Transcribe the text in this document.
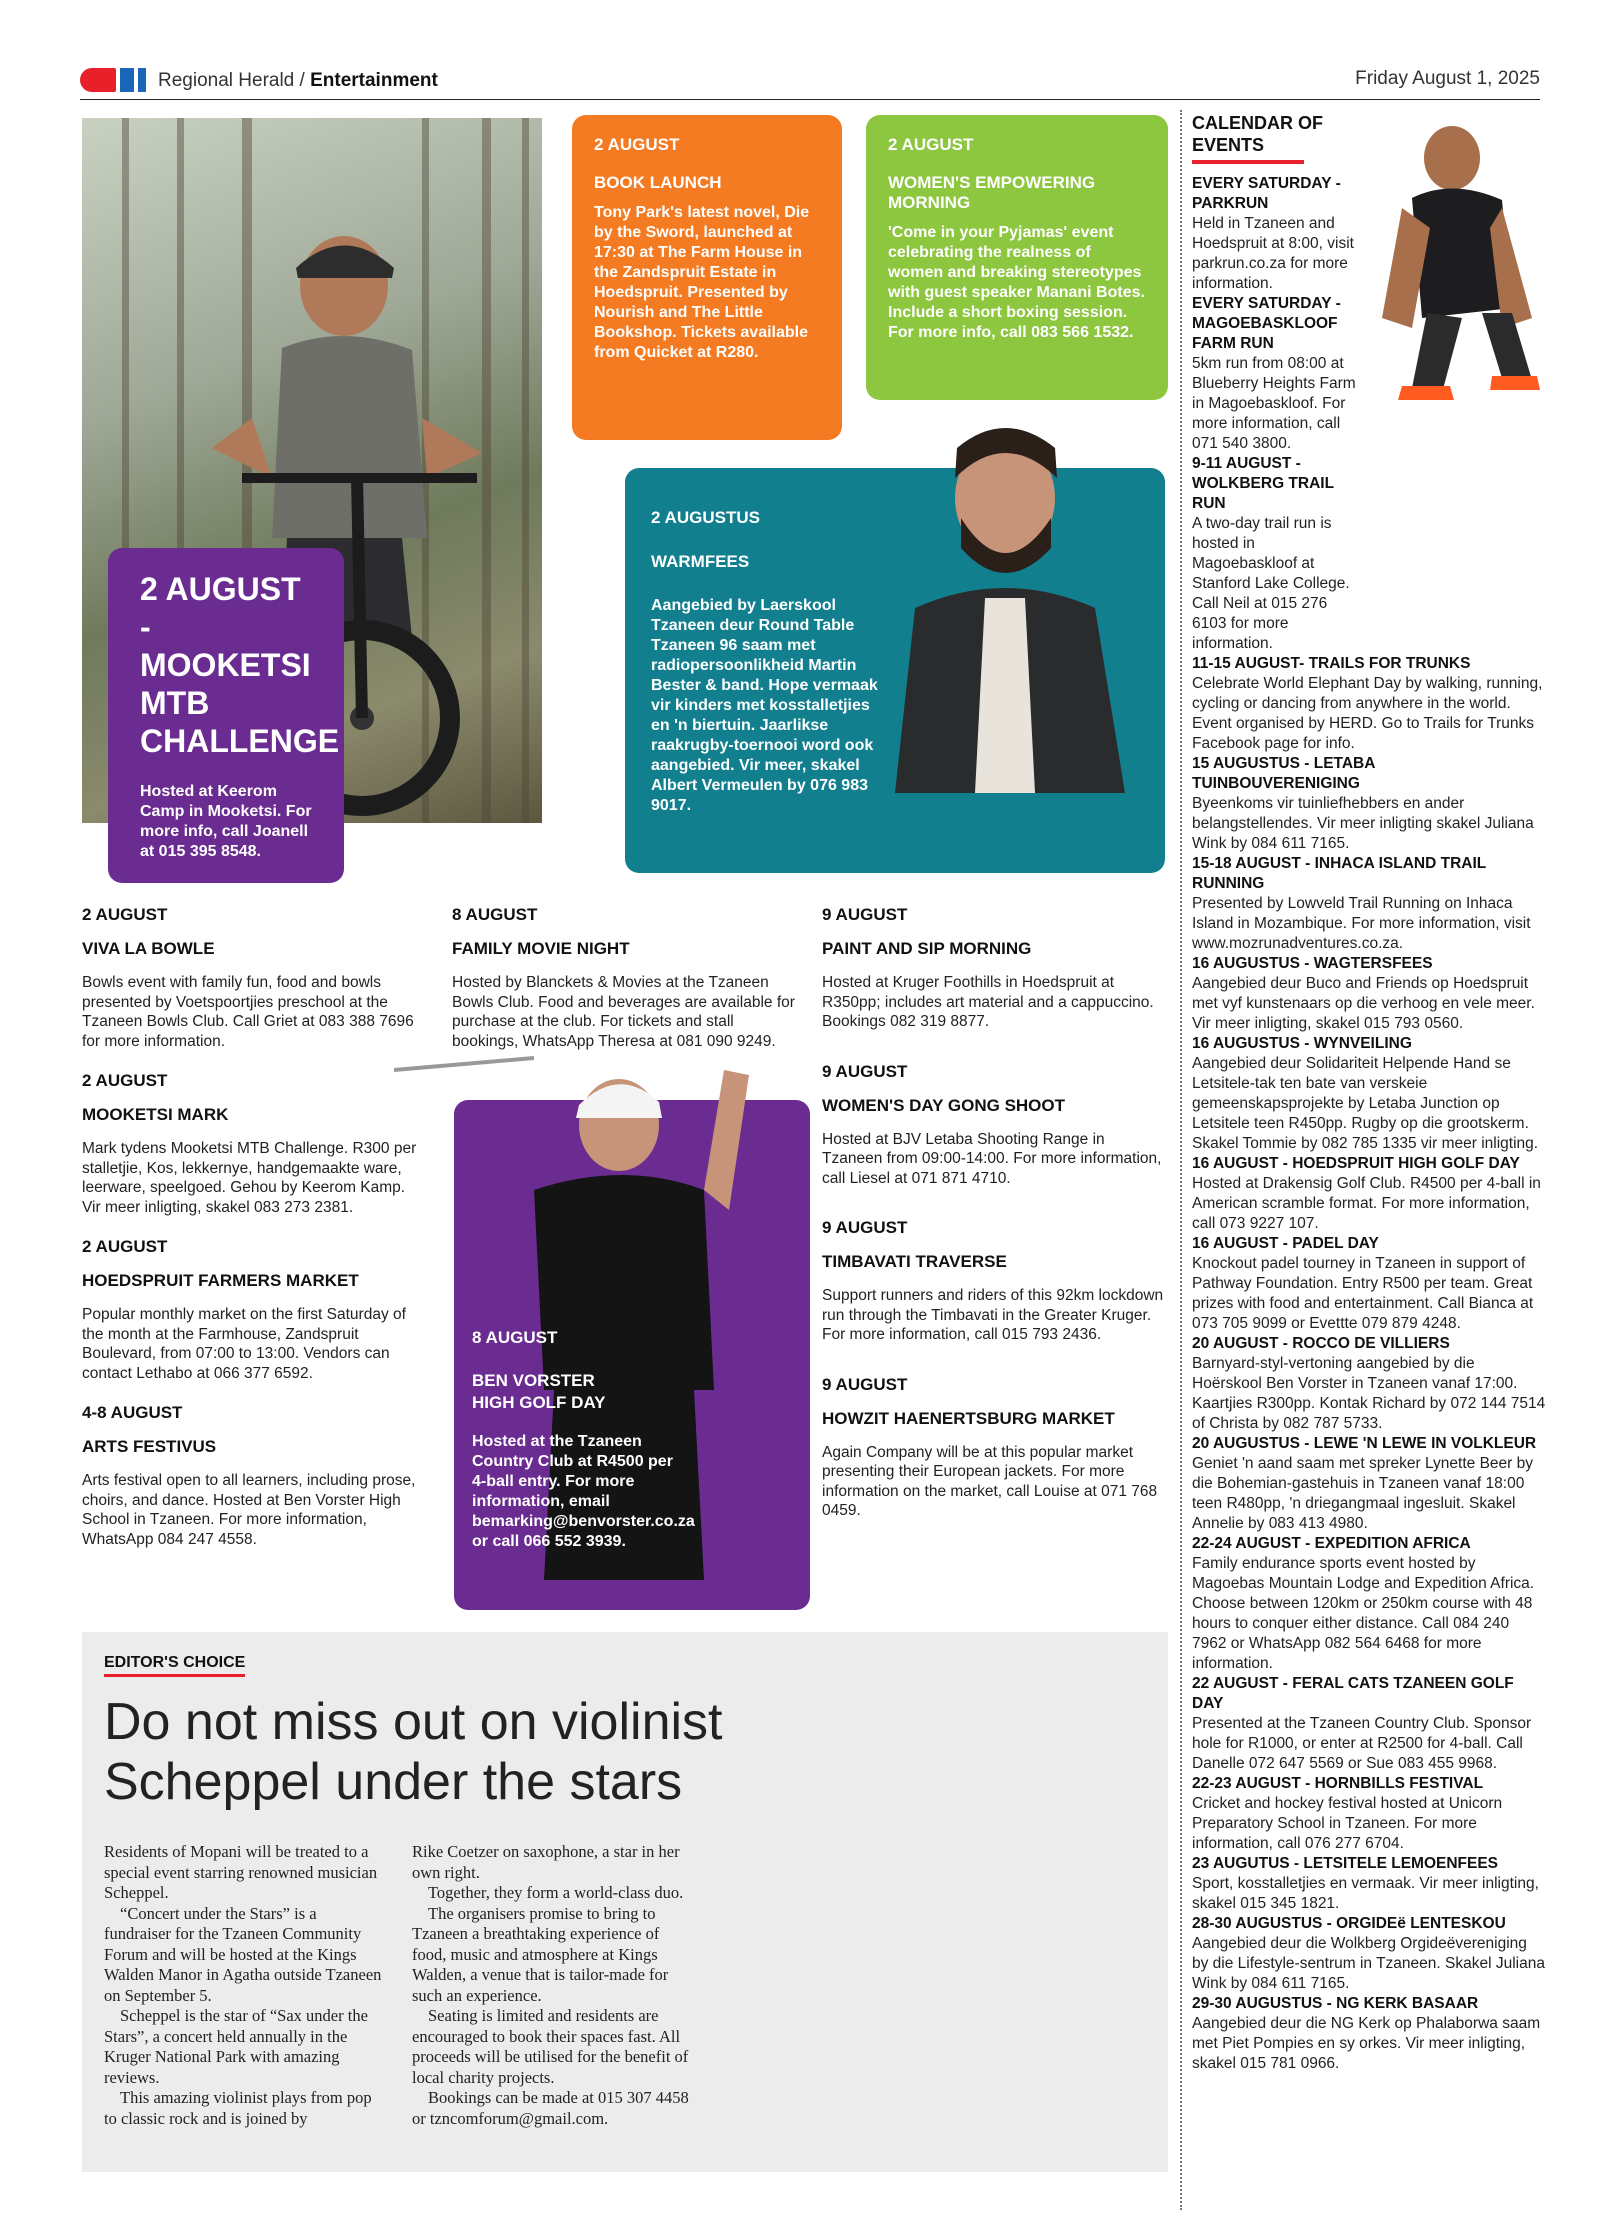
Regional Herald / Entertainment	Friday August 1, 2025
2 AUGUST
BOOK LAUNCH
Tony Park's latest novel, Die by the Sword, launched at 17:30 at The Farm House in the Zandspruit Estate in Hoedspruit. Presented by Nourish and The Little Bookshop. Tickets available from Quicket at R280.
2 AUGUST
WOMEN'S EMPOWERING MORNING
'Come in your Pyjamas' event celebrating the realness of women and breaking stereotypes with guest speaker Manani Botes. Include a short boxing session. For more info, call 083 566 1532.
2 AUGUSTUS
WARMFEES
Aangebied by Laerskool Tzaneen deur Round Table Tzaneen 96 saam met radiopersoonlikheid Martin Bester & band. Hope vermaak vir kinders met kosstalletjies en 'n biertuin. Jaarlikse raakrugby-toernooi word ook aangebied. Vir meer, skakel Albert Vermeulen by 076 983 9017.
2 AUGUST - MOOKETSI MTB CHALLENGE
Hosted at Keerom Camp in Mooketsi. For more info, call Joanell at 015 395 8548.
8 AUGUST
BEN VORSTER HIGH GOLF DAY
Hosted at the Tzaneen Country Club at R4500 per 4-ball entry. For more information, email bemarking@benvorster.co.za or call 066 552 3939.
2 AUGUST
VIVA LA BOWLE
Bowls event with family fun, food and bowls presented by Voetspoortjies preschool at the Tzaneen Bowls Club. Call Griet at 083 388 7696 for more information.
2 AUGUST
MOOKETSI MARK
Mark tydens Mooketsi MTB Challenge. R300 per stalletjie, Kos, lekkernye, handgemaakte ware, leerware, speelgoed. Gehou by Keerom Kamp. Vir meer inligting, skakel 083 273 2381.
2 AUGUST
HOEDSPRUIT FARMERS MARKET
Popular monthly market on the first Saturday of the month at the Farmhouse, Zandspruit Boulevard, from 07:00 to 13:00. Vendors can contact Lethabo at 066 377 6592.
4-8 AUGUST
ARTS FESTIVUS
Arts festival open to all learners, including prose, choirs, and dance. Hosted at Ben Vorster High School in Tzaneen. For more information, WhatsApp 084 247 4558.
8 AUGUST
FAMILY MOVIE NIGHT
Hosted by Blanckets & Movies at the Tzaneen Bowls Club. Food and beverages are available for purchase at the club. For tickets and stall bookings, WhatsApp Theresa at 081 090 9249.
9 AUGUST
PAINT AND SIP MORNING
Hosted at Kruger Foothills in Hoedspruit at R350pp; includes art material and a cappuccino. Bookings 082 319 8877.
9 AUGUST
WOMEN'S DAY GONG SHOOT
Hosted at BJV Letaba Shooting Range in Tzaneen from 09:00-14:00. For more information, call Liesel at 071 871 4710.
9 AUGUST
TIMBAVATI TRAVERSE
Support runners and riders of this 92km lockdown run through the Timbavati in the Greater Kruger. For more information, call 015 793 2436.
9 AUGUST
HOWZIT HAENERTSBURG MARKET
Again Company will be at this popular market presenting their European jackets. For more information on the market, call Louise at 071 768 0459.
CALENDAR OF EVENTS
EVERY SATURDAY - PARKRUN
Held in Tzaneen and Hoedspruit at 8:00, visit parkrun.co.za for more information.
EVERY SATURDAY - MAGOEBASKLOOF FARM RUN
5km run from 08:00 at Blueberry Heights Farm in Magoebaskloof. For more information, call 071 540 3800.
9-11 AUGUST - WOLKBERG TRAIL RUN
A two-day trail run is hosted in Magoebaskloof at Stanford Lake College. Call Neil at 015 276 6103 for more information.
11-15 AUGUST- TRAILS FOR TRUNKS
Celebrate World Elephant Day by walking, running, cycling or dancing from anywhere in the world. Event organised by HERD. Go to Trails for Trunks Facebook page for info.
15 AUGUSTUS - LETABA TUINBOUVERENIGING
Byeenkoms vir tuinliefhebbers en ander belangstellendes. Vir meer inligting skakel Juliana Wink by 084 611 7165.
15-18 AUGUST - INHACA ISLAND TRAIL RUNNING
Presented by Lowveld Trail Running on Inhaca Island in Mozambique. For more information, visit www.mozrunadventures.co.za.
16 AUGUSTUS - WAGTERSFEES
Aangebied deur Buco and Friends op Hoedspruit met vyf kunstenaars op die verhoog en vele meer. Vir meer inligting, skakel 015 793 0560.
16 AUGUSTUS - WYNVEILING
Aangebied deur Solidariteit Helpende Hand se Letsitele-tak ten bate van verskeie gemeenskapsprojekte by Letaba Junction op Letsitele teen R450pp. Rugby op die grootskerm. Skakel Tommie by 082 785 1335 vir meer inligting.
16 AUGUST - HOEDSPRUIT HIGH GOLF DAY
Hosted at Drakensig Golf Club. R4500 per 4-ball in American scramble format. For more information, call 073 9227 107.
16 AUGUST - PADEL DAY
Knockout padel tourney in Tzaneen in support of Pathway Foundation. Entry R500 per team. Great prizes with food and entertainment. Call Bianca at 073 705 9099 or Evettte 079 879 4248.
20 AUGUST - ROCCO DE VILLIERS
Barnyard-styl-vertoning aangebied by die Hoërskool Ben Vorster in Tzaneen vanaf 17:00. Kaartjies R300pp. Kontak Richard by 072 144 7514 of Christa by 082 787 5733.
20 AUGUSTUS - LEWE 'N LEWE IN VOLKLEUR
Geniet 'n aand saam met spreker Lynette Beer by die Bohemian-gastehuis in Tzaneen vanaf 18:00 teen R480pp, 'n driegangmaal ingesluit. Skakel Annelie by 083 413 4980.
22-24 AUGUST - EXPEDITION AFRICA
Family endurance sports event hosted by Magoebas Mountain Lodge and Expedition Africa. Choose between 120km or 250km course with 48 hours to conquer either distance. Call 084 240 7962 or WhatsApp 082 564 6468 for more information.
22 AUGUST - FERAL CATS TZANEEN GOLF DAY
Presented at the Tzaneen Country Club. Sponsor hole for R1000, or enter at R2500 for 4-ball. Call Danelle 072 647 5569 or Sue 083 455 9968.
22-23 AUGUST - HORNBILLS FESTIVAL
Cricket and hockey festival hosted at Unicorn Preparatory School in Tzaneen. For more information, call 076 277 6704.
23 AUGUTUS - LETSITELE LEMOENFEES
Sport, kosstalletjies en vermaak. Vir meer inligting, skakel 015 345 1821.
28-30 AUGUSTUS - ORGIDEë LENTESKOU
Aangebied deur die Wolkberg Orgideëvereniging by die Lifestyle-sentrum in Tzaneen. Skakel Juliana Wink by 084 611 7165.
29-30 AUGUSTUS - NG KERK BASAAR
Aangebied deur die NG Kerk op Phalaborwa saam met Piet Pompies en sy orkes. Vir meer inligting, skakel 015 781 0966.
EDITOR'S CHOICE
Do not miss out on violinist Scheppel under the stars

Residents of Mopani will be treated to a special event starring renowned musician Scheppel.

“Concert under the Stars” is a fundraiser for the Tzaneen Community Forum and will be hosted at the Kings Walden Manor in Agatha outside Tzaneen on September 5.

Scheppel is the star of “Sax under the Stars”, a concert held annually in the Kruger National Park with amazing reviews.

This amazing violinist plays from pop to classic rock and is joined by

Rike Coetzer on saxophone, a star in her own right.

Together, they form a world-class duo.

The organisers promise to bring to Tzaneen a breathtaking experience of food, music and atmosphere at Kings Walden, a venue that is tailor-made for such an experience.

Seating is limited and residents are encouraged to book their spaces fast. All proceeds will be utilised for the benefit of local charity projects.

Bookings can be made at 015 307 4458 or tzncomforum@gmail.com.
